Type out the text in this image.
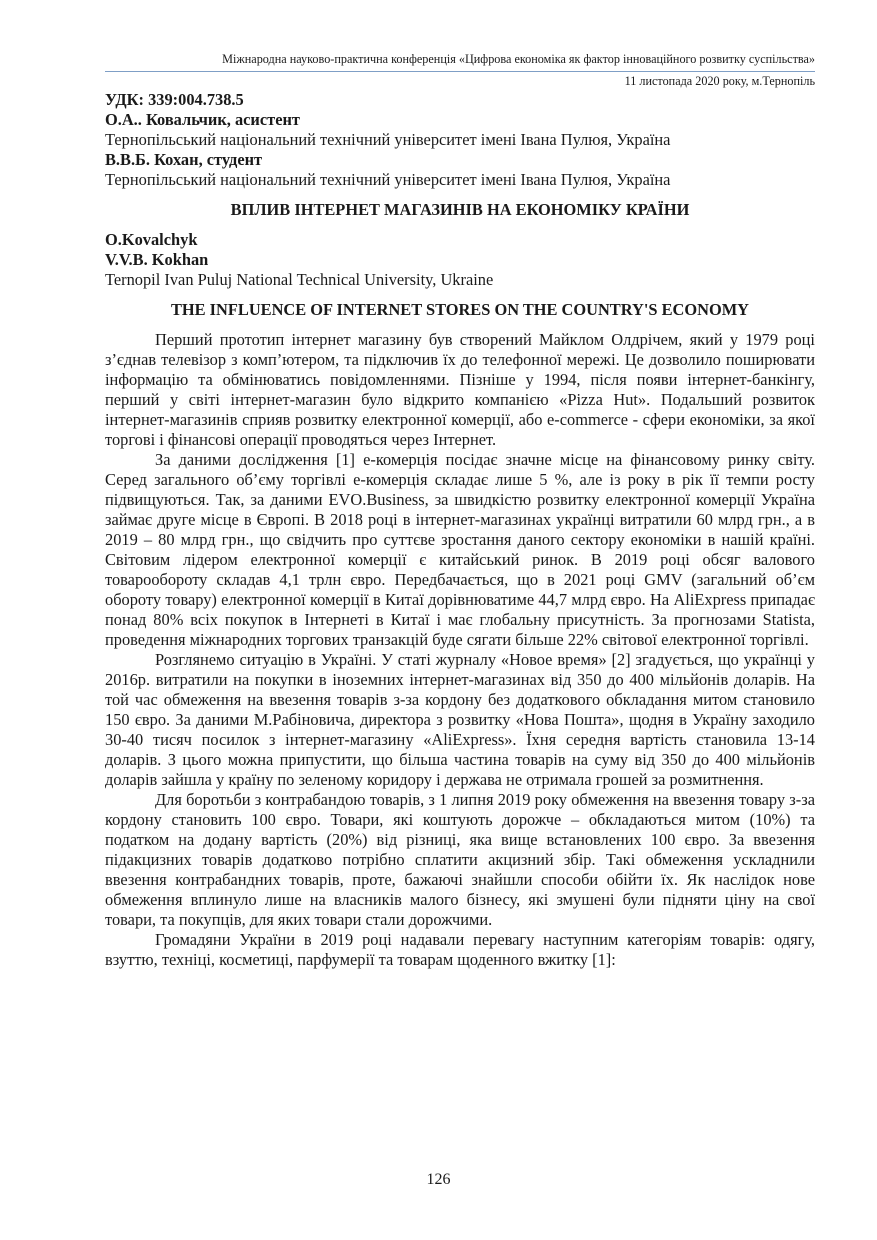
Міжнародна науково-практична конференція «Цифрова економіка як фактор інноваційного розвитку суспільства»
11 листопада 2020 року, м.Тернопіль

УДК: 339:004.738.5

О.А.. Ковальчик, асистент

Тернопільський національний технічний університет імені Івана Пулюя, Україна

В.В.Б. Кохан, студент

Тернопільський національний технічний університет імені Івана Пулюя, Україна

ВПЛИВ ІНТЕРНЕТ МАГАЗИНІВ НА ЕКОНОМІКУ КРАЇНИ

O.Kovalchyk

V.V.B. Kokhan

Ternopil Ivan Puluj National Technical University, Ukraine

THE INFLUENCE OF INTERNET STORES ON THE COUNTRY'S ECONOMY

Перший прототип інтернет магазину був створений Майклом Олдрічем, який у 1979 році з’єднав телевізор з комп’ютером, та підключив їх до телефонної мережі. Це дозволило поширювати інформацію та обмінюватись повідомленнями. Пізніше у 1994, після появи інтернет-банкінгу, перший у світі інтернет-магазин було відкрито компанією «Pizza Hut». Подальший розвиток інтернет-магазинів сприяв розвитку електронної комерції, або e-commerce - сфери економіки, за якої торгові і фінансові операції проводяться через Інтернет.

За даними дослідження [1] е-комерція посідає значне місце на фінансовому ринку світу. Серед загального об’єму торгівлі е-комерція складає лише 5 %, але із року в рік її темпи росту підвищуються. Так, за даними EVO.Business, за швидкістю розвитку електронної комерції Україна займає друге місце в Європі. В 2018 році в інтернет-магазинах українці витратили 60 млрд грн., а в 2019 – 80 млрд грн., що свідчить про суттєве зростання даного сектору економіки в нашій країні. Світовим лідером електронної комерції є китайський ринок. В 2019 році обсяг валового товарообороту складав 4,1 трлн євро. Передбачається, що в 2021 році GMV (загальний об’єм обороту товару) електронної комерції в Китаї дорівнюватиме 44,7 млрд євро. На AliExpress припадає понад 80% всіх покупок в Інтернеті в Китаї і має глобальну присутність. За прогнозами Statista, проведення міжнародних торгових транзакцій буде сягати більше 22% світової електронної торгівлі.

Розглянемо ситуацію в Україні. У статі журналу «Новое время» [2] згадується, що українці у 2016р. витратили на покупки в іноземних інтернет-магазинах від 350 до 400 мільйонів доларів. На той час обмеження на ввезення товарів з-за кордону без додаткового обкладання митом становило 150 євро. За даними М.Рабіновича, директора з розвитку «Нова Пошта», щодня в Україну заходило 30-40 тисяч посилок з інтернет-магазину «AliExpress». Їхня середня вартість становила 13-14 доларів. З цього можна припустити, що більша частина товарів на суму від 350 до 400 мільйонів доларів зайшла у країну по зеленому коридору і держава не отримала грошей за розмитнення.

Для боротьби з контрабандою товарів, з 1 липня 2019 року обмеження на ввезення товару з-за кордону становить 100 євро. Товари, які коштують дорожче – обкладаються митом (10%) та податком на додану вартість (20%) від різниці, яка вище встановлених 100 євро. За ввезення підакцизних товарів додатково потрібно сплатити акцизний збір. Такі обмеження ускладнили ввезення контрабандних товарів, проте, бажаючі знайшли способи обійти їх. Як наслідок нове обмеження вплинуло лише на власників малого бізнесу, які змушені були підняти ціну на свої товари, та покупців, для яких товари стали дорожчими.

Громадяни України в 2019 році надавали перевагу наступним категоріям товарів: одягу, взуттю, техніці, косметиці, парфумерії та товарам щоденного вжитку [1]:

126
